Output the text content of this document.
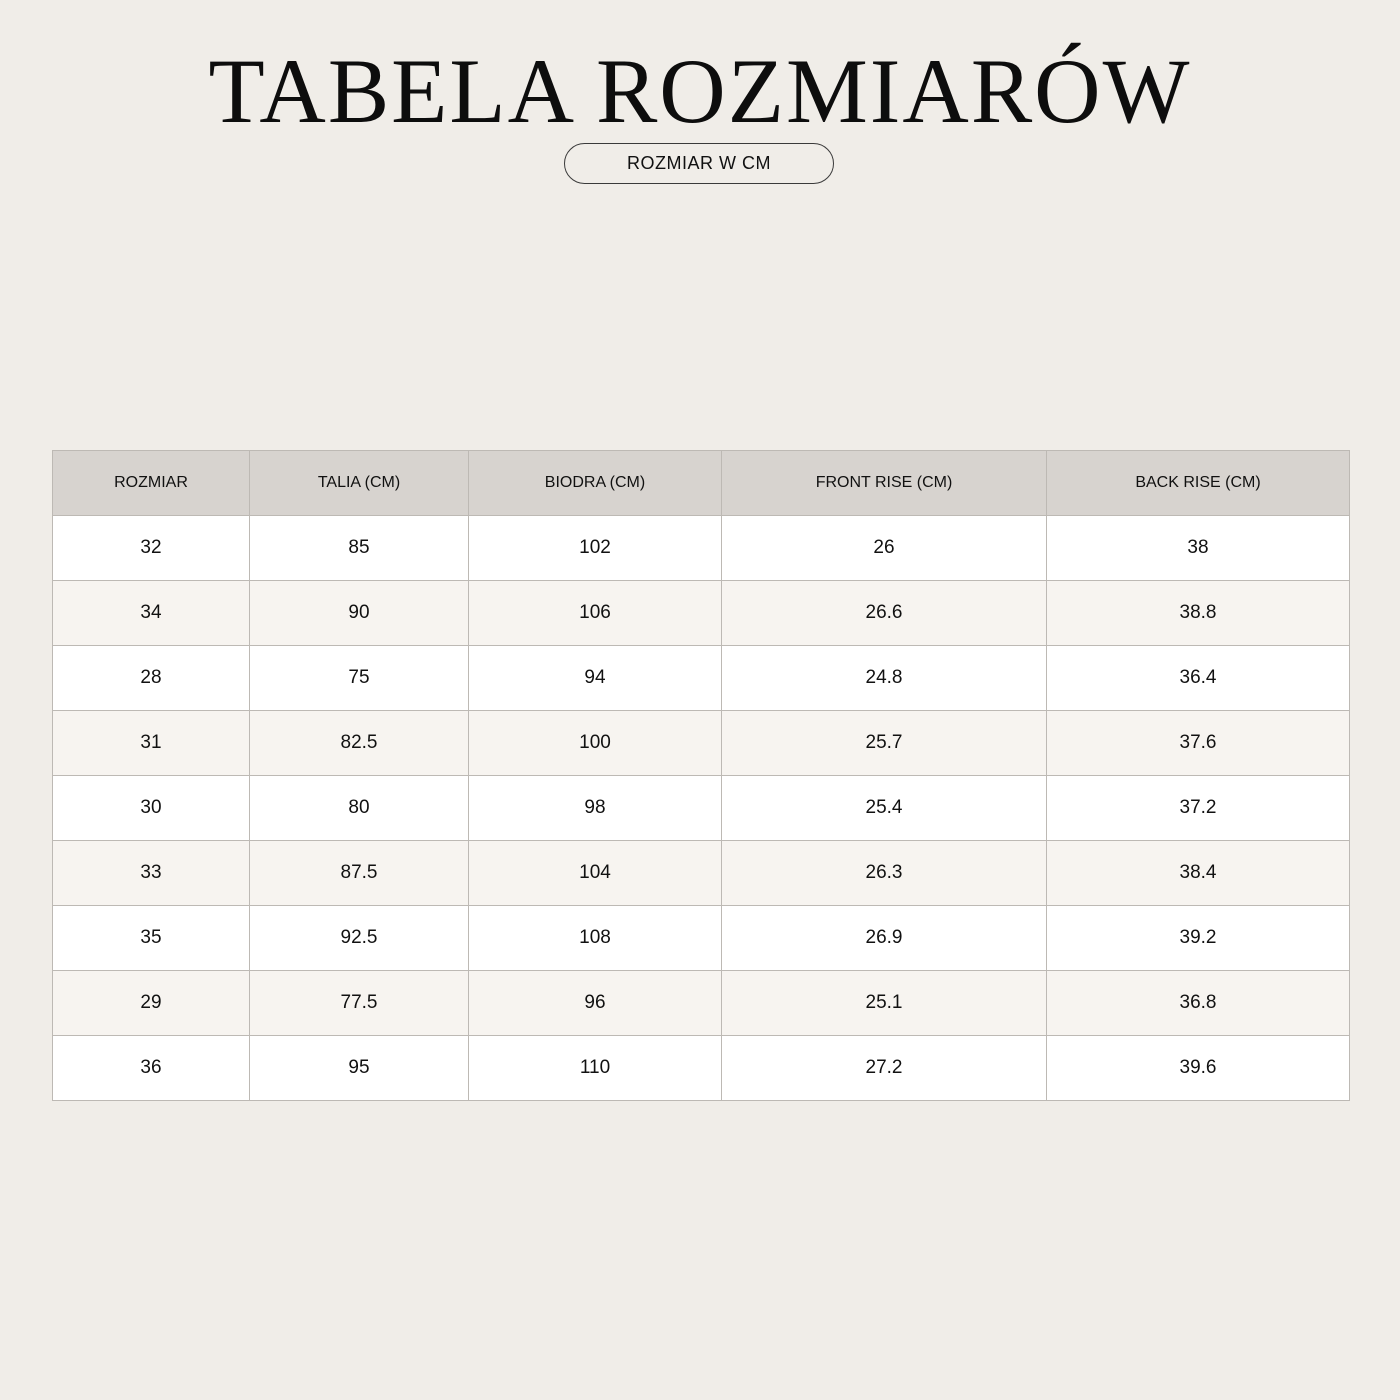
TABELA ROZMIARÓW
ROZMIAR W CM
ROZMIAR	TALIA (CM)	BIODRA (CM)	FRONT RISE (CM)	BACK RISE (CM)
32	85	102	26	38
34	90	106	26.6	38.8
28	75	94	24.8	36.4
31	82.5	100	25.7	37.6
30	80	98	25.4	37.2
33	87.5	104	26.3	38.4
35	92.5	108	26.9	39.2
29	77.5	96	25.1	36.8
36	95	110	27.2	39.6
